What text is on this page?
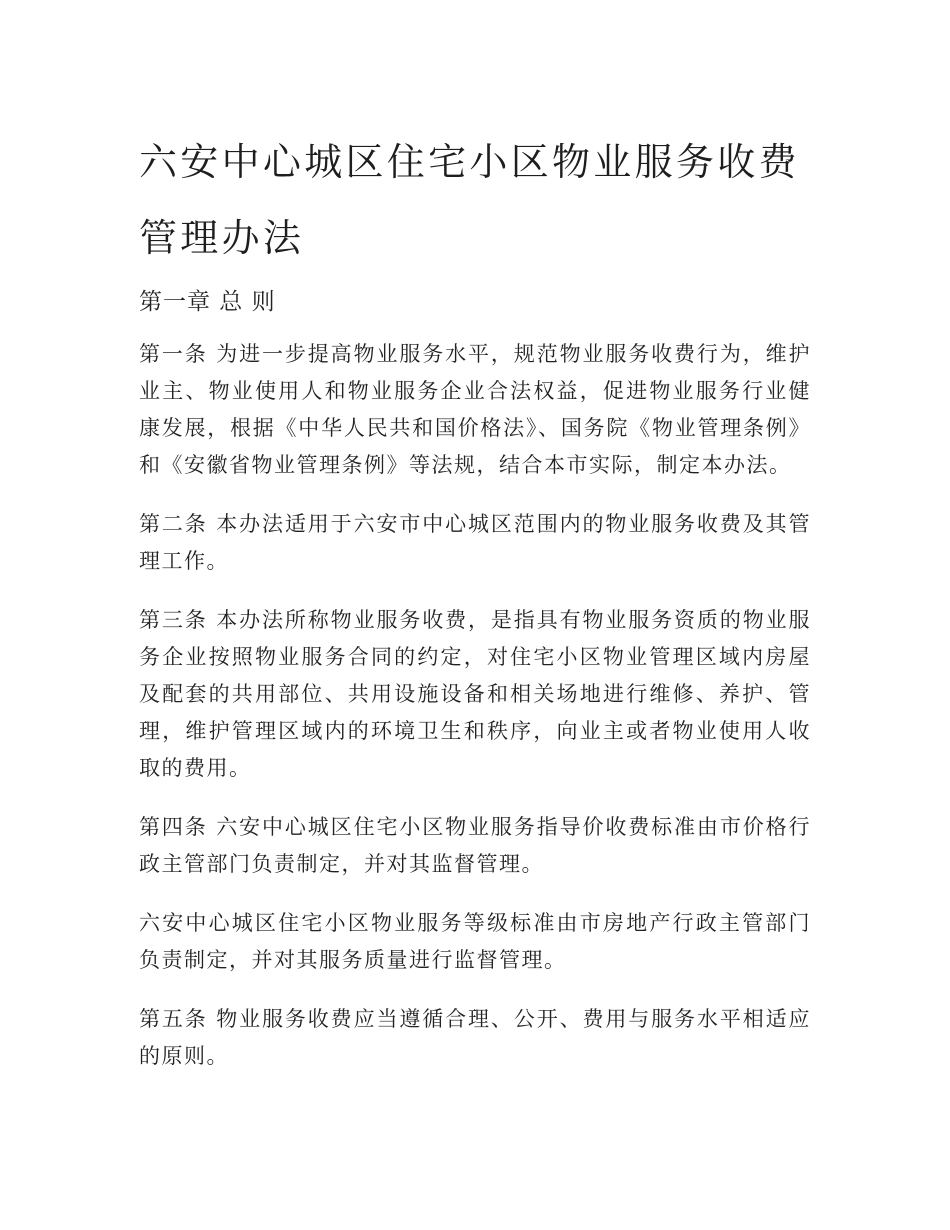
六安中心城区住宅小区物业服务收费管理办法
第一章 总 则

第一条 为进一步提高物业服务水平，规范物业服务收费行为，维护业主、物业使用人和物业服务企业合法权益，促进物业服务行业健康发展，根据《中华人民共和国价格法》、国务院《物业管理条例》和《安徽省物业管理条例》等法规，结合本市实际，制定本办法。

第二条 本办法适用于六安市中心城区范围内的物业服务收费及其管理工作。

第三条 本办法所称物业服务收费，是指具有物业服务资质的物业服务企业按照物业服务合同的约定，对住宅小区物业管理区域内房屋及配套的共用部位、共用设施设备和相关场地进行维修、养护、管理，维护管理区域内的环境卫生和秩序，向业主或者物业使用人收取的费用。

第四条 六安中心城区住宅小区物业服务指导价收费标准由市价格行政主管部门负责制定，并对其监督管理。

六安中心城区住宅小区物业服务等级标准由市房地产行政主管部门负责制定，并对其服务质量进行监督管理。

第五条 物业服务收费应当遵循合理、公开、费用与服务水平相适应的原则。
